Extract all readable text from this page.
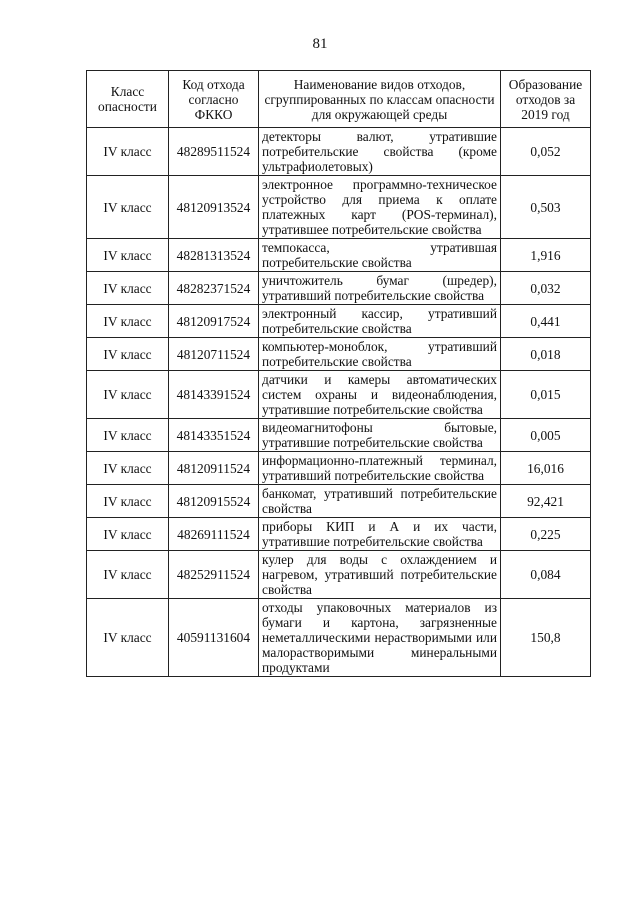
81
Класс опасности	Код отхода согласно ФККО	Наименование видов отходов, сгруппированных по классам опасности для окружающей среды	Образование отходов за 2019 год
IV класс	48289511524	детекторы валют, утратившие потребительские свойства (кроме ультрафиолетовых)	0,052
IV класс	48120913524	электронное программно-техническое устройство для приема к оплате платежных карт (POS-терминал), утратившее потребительские свойства	0,503
IV класс	48281313524	темпокасса, утратившая потребительские свойства	1,916
IV класс	48282371524	уничтожитель бумаг (шредер), утративший потребительские свойства	0,032
IV класс	48120917524	электронный кассир, утративший потребительские свойства	0,441
IV класс	48120711524	компьютер-моноблок, утративший потребительские свойства	0,018
IV класс	48143391524	датчики и камеры автоматических систем охраны и видеонаблюдения, утратившие потребительские свойства	0,015
IV класс	48143351524	видеомагнитофоны бытовые, утратившие потребительские свойства	0,005
IV класс	48120911524	информационно-платежный терминал, утративший потребительские свойства	16,016
IV класс	48120915524	банкомат, утративший потребительские свойства	92,421
IV класс	48269111524	приборы КИП и А и их части, утратившие потребительские свойства	0,225
IV класс	48252911524	кулер для воды с охлаждением и нагревом, утративший потребительские свойства	0,084
IV класс	40591131604	отходы упаковочных материалов из бумаги и картона, загрязненные неметаллическими нерастворимыми или малорастворимыми минеральными продуктами	150,8
